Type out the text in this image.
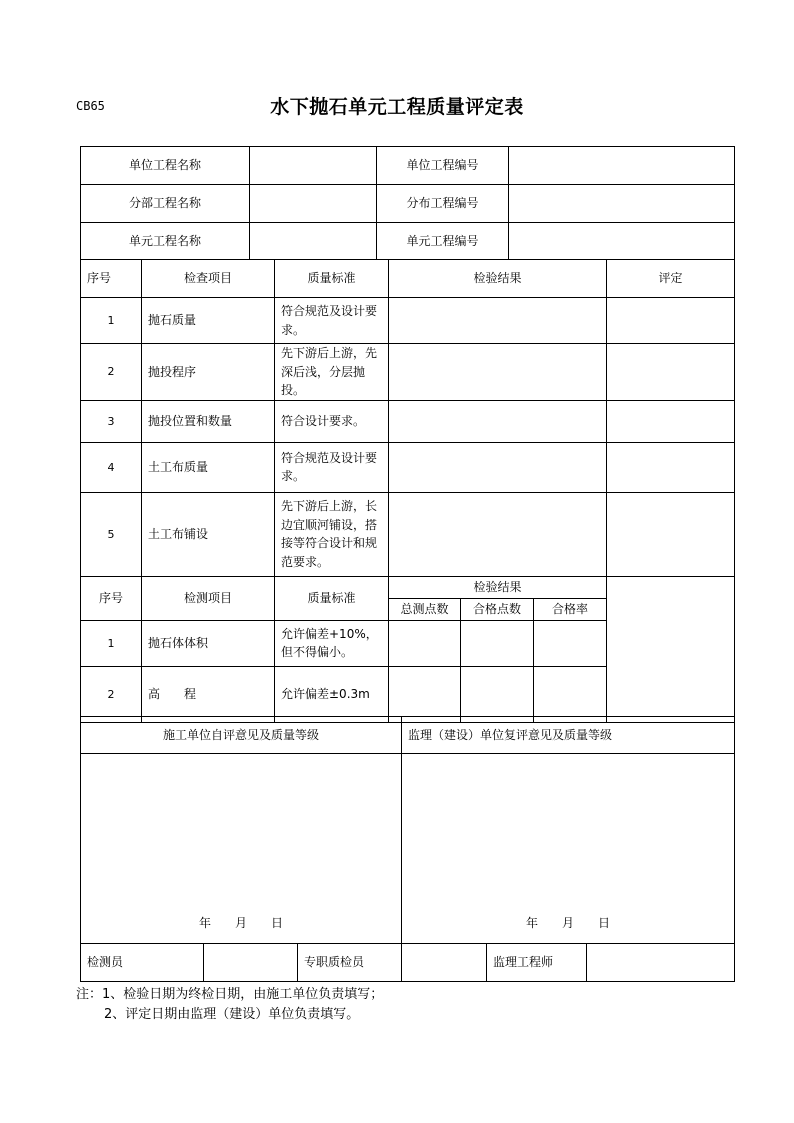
CB65	水下抛石单元工程质量评定表
单位工程名称		单位工程编号	
分部工程名称		分布工程编号	
单元工程名称		单元工程编号	
序号	检查项目	质量标准	检验结果			评定
1	抛石质量	符合规范及设计要求。				
2	抛投程序	先下游后上游，先深后浅，分层抛投。				
3	抛投位置和数量	符合设计要求。				
4	土工布质量	符合规范及设计要求。				
5	土工布铺设	先下游后上游，长边宜顺河铺设，搭接等符合设计和规范要求。				
序号	检测项目	质量标准	检验结果			
			总测点数	合格点数	合格率	
1	抛石体体积	允许偏差+10%，但不得偏小。				
2	高　　程	允许偏差±0.3m				
施工单位自评意见及质量等级			监理（建设）单位复评意见及质量等级		
年　　月　　日			年　　月　　日		
检测员		专职质检员		监理工程师	
注：1、检验日期为终检日期，由施工单位负责填写；
2、评定日期由监理（建设）单位负责填写。
